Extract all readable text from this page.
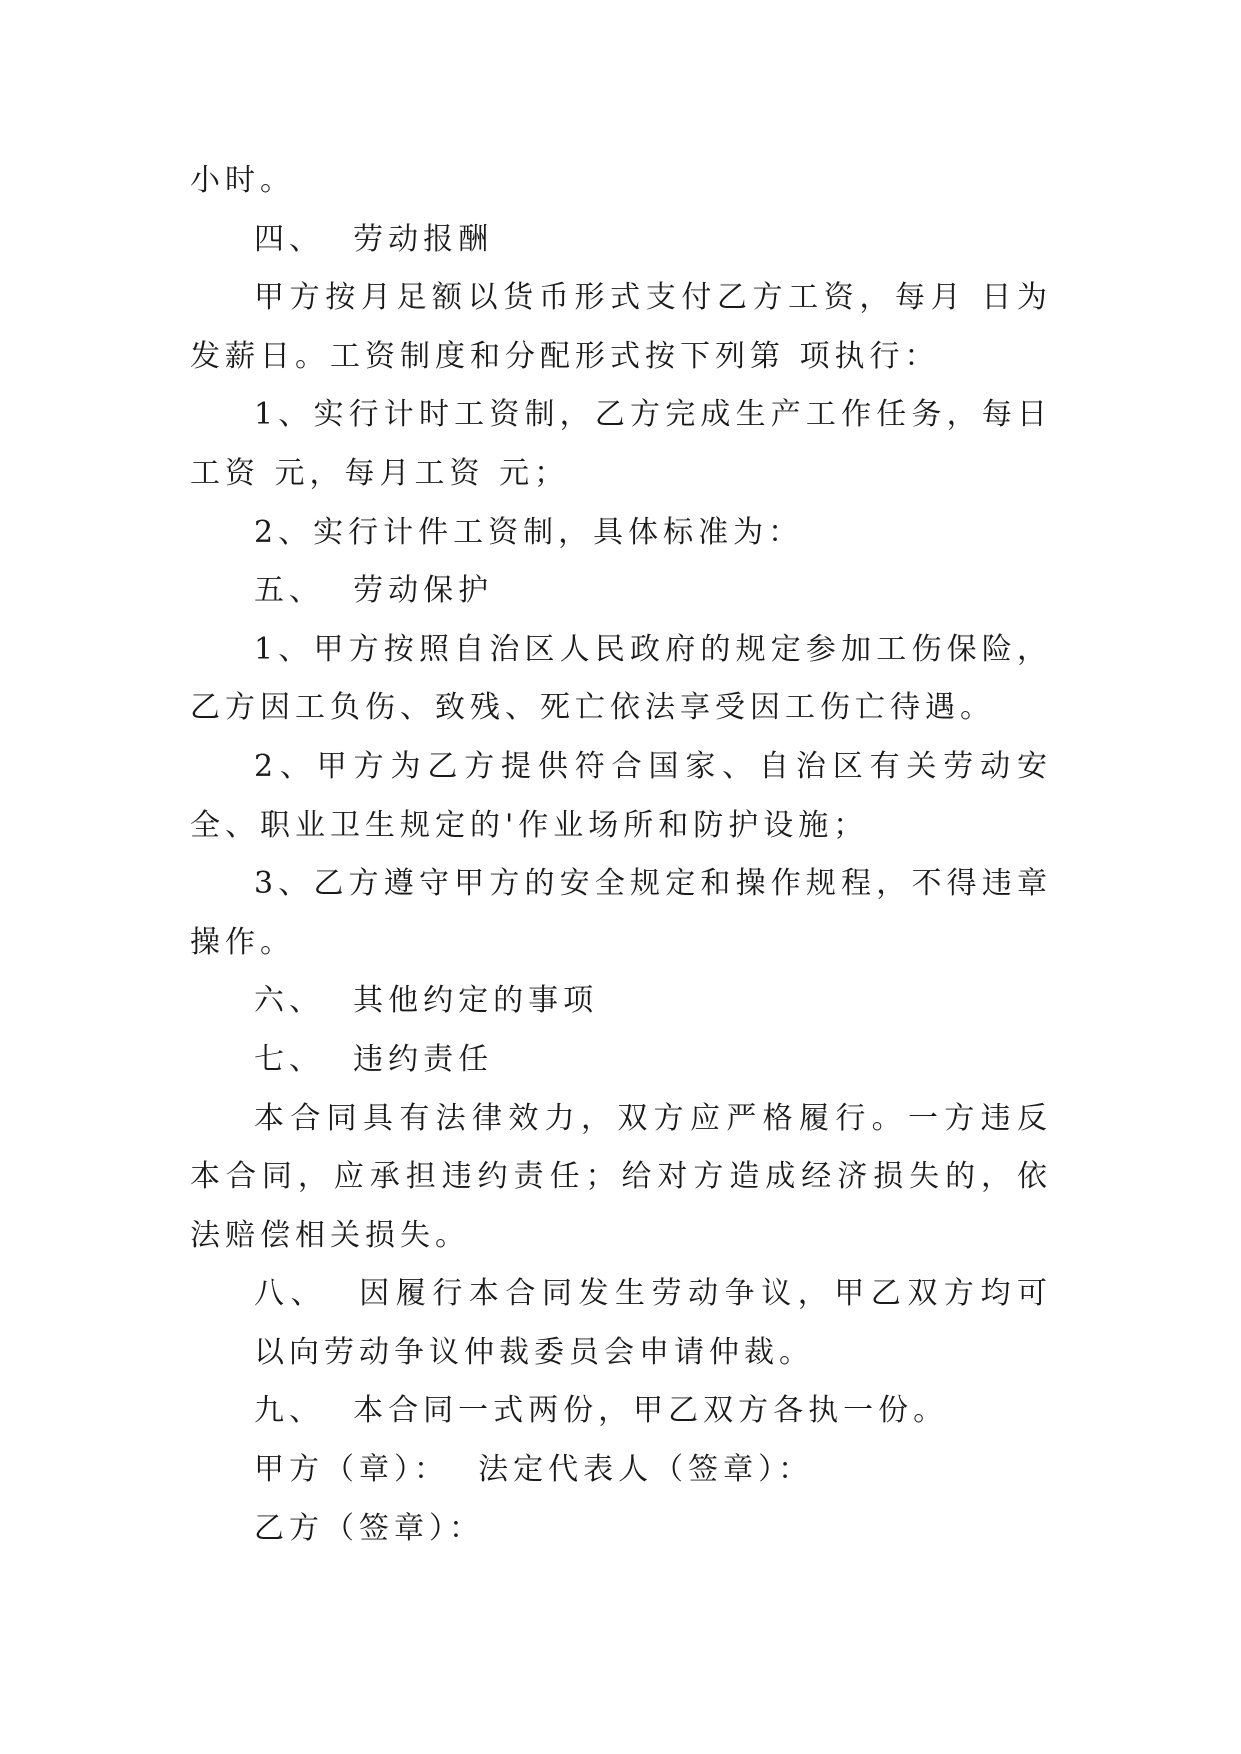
小时。

四、  劳动报酬

甲方按月足额以货币形式支付乙方工资，每月 日为发薪日。工资制度和分配形式按下列第 项执行：

1、实行计时工资制，乙方完成生产工作任务，每日工资 元，每月工资 元；

2、实行计件工资制，具体标准为：

五、  劳动保护

1、甲方按照自治区人民政府的规定参加工伤保险，乙方因工负伤、致残、死亡依法享受因工伤亡待遇。

2、甲方为乙方提供符合国家、自治区有关劳动安全、职业卫生规定的'作业场所和防护设施；

3、乙方遵守甲方的安全规定和操作规程，不得违章操作。

六、  其他约定的事项

七、  违约责任

本合同具有法律效力，双方应严格履行。一方违反本合同，应承担违约责任；给对方造成经济损失的，依法赔偿相关损失。

八、  因履行本合同发生劳动争议，甲乙双方均可以向劳动争议仲裁委员会申请仲裁。

九、  本合同一式两份，甲乙双方各执一份。

甲方（章）：  法定代表人（签章）：

乙方（签章）：
